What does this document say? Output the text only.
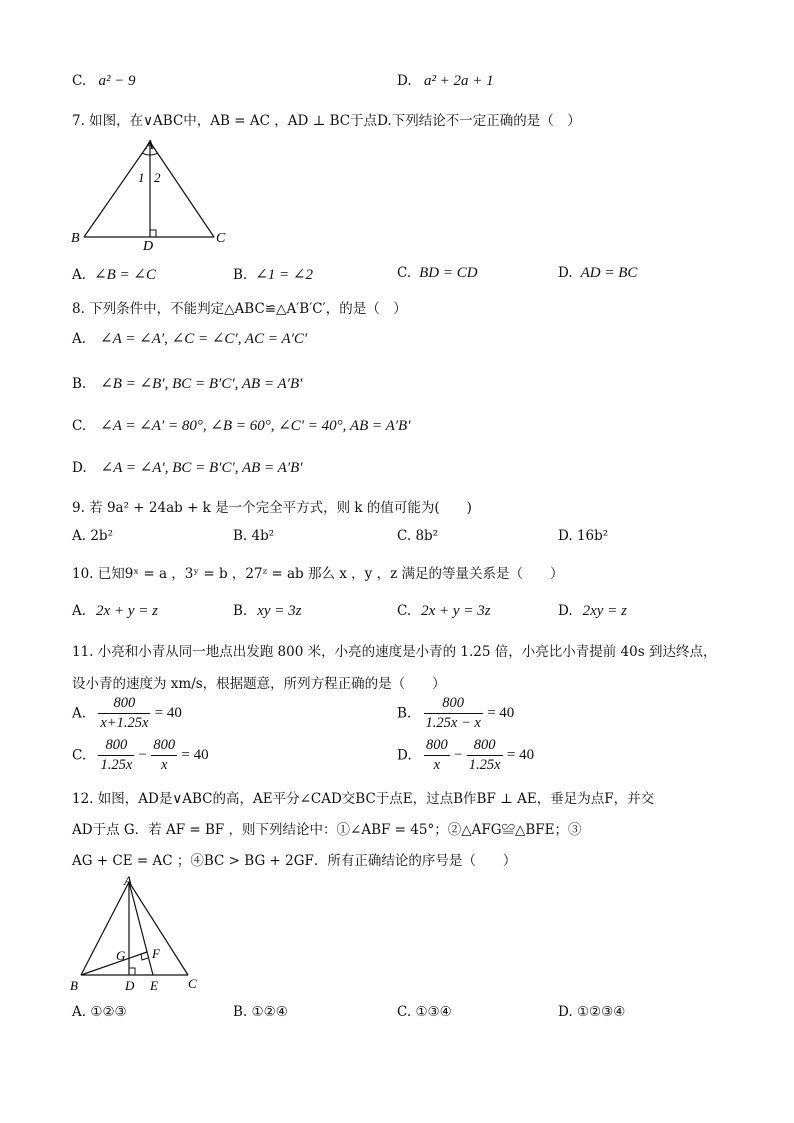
C. a² − 9	D. a² + 2a + 1
7. 如图，在∨ABC中，AB = AC ，AD ⊥ BC于点D.下列结论不一定正确的是（　）
A
B	C
D
1 2
A. ∠B = ∠C	B. ∠1 = ∠2	C. BD = CD	D. AD = BC
8. 下列条件中，不能判定△ABC≌△A′B′C′，的是（　）
A. ∠A = ∠A′, ∠C = ∠C′, AC = A′C′
B. ∠B = ∠B′, BC = B′C′, AB = A′B′
C. ∠A = ∠A′ = 80°, ∠B = 60°, ∠C′ = 40°, AB = A′B′
D. ∠A = ∠A′, BC = B′C′, AB = A′B′
9. 若 9a² + 24ab + k 是一个完全平方式，则 k 的值可能为(　　)
A. 2b²	B. 4b²	C. 8b²	D. 16b²
10. 已知9ˣ = a ，3ʸ = b ，27ᶻ = ab 那么 x ，y ，z 满足的等量关系是（　　）
A. 2x + y = z	B. xy = 3z	C. 2x + y = 3z	D. 2xy = z
11. 小亮和小青从同一地点出发跑 800 米，小亮的速度是小青的 1.25 倍，小亮比小青提前 40s 到达终点，
设小青的速度为 xm/s，根据题意，所列方程正确的是（　　）
A. $\frac{800}{x+1.25x} = 40$	B. $\frac{800}{1.25x - x} = 40$
C. $\frac{800}{1.25x} - \frac{800}{x} = 40$	D. $\frac{800}{x} - \frac{800}{1.25x} = 40$
12. 如图，AD是∨ABC的高，AE平分∠CAD交BC于点E，过点B作BF ⊥ AE，垂足为点F，并交
AD于点 G．若 AF = BF ，则下列结论中：①∠ABF = 45°；②△AFG≌△BFE；③
AG + CE = AC ；④BC > BG + 2GF．所有正确结论的序号是（　　）
A
B	C
D E
F
G
A. ①②③	B. ①②④	C. ①③④	D. ①②③④
